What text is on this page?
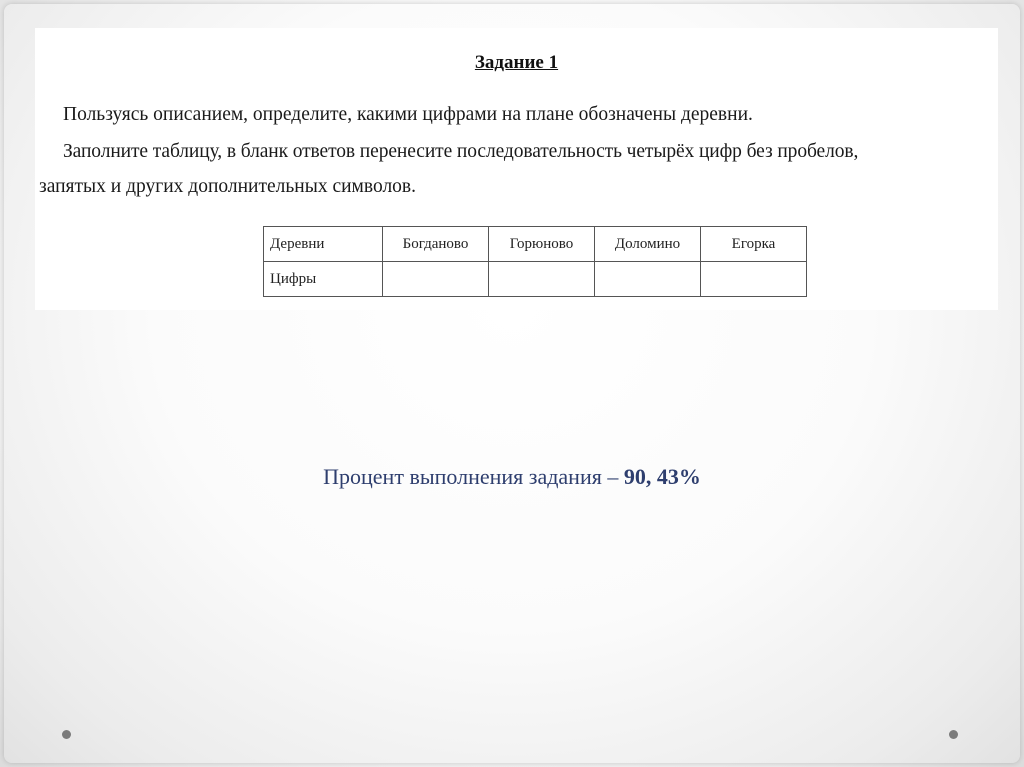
Задание 1
Пользуясь описанием, определите, какими цифрами на плане обозначены деревни.
Заполните таблицу, в бланк ответов перенесите последовательность четырёх цифр без пробелов,
запятых и других дополнительных символов.
Деревни	Богданово	Горюново	Доломино	Егорка
Цифры				
Процент выполнения задания – 90, 43%
